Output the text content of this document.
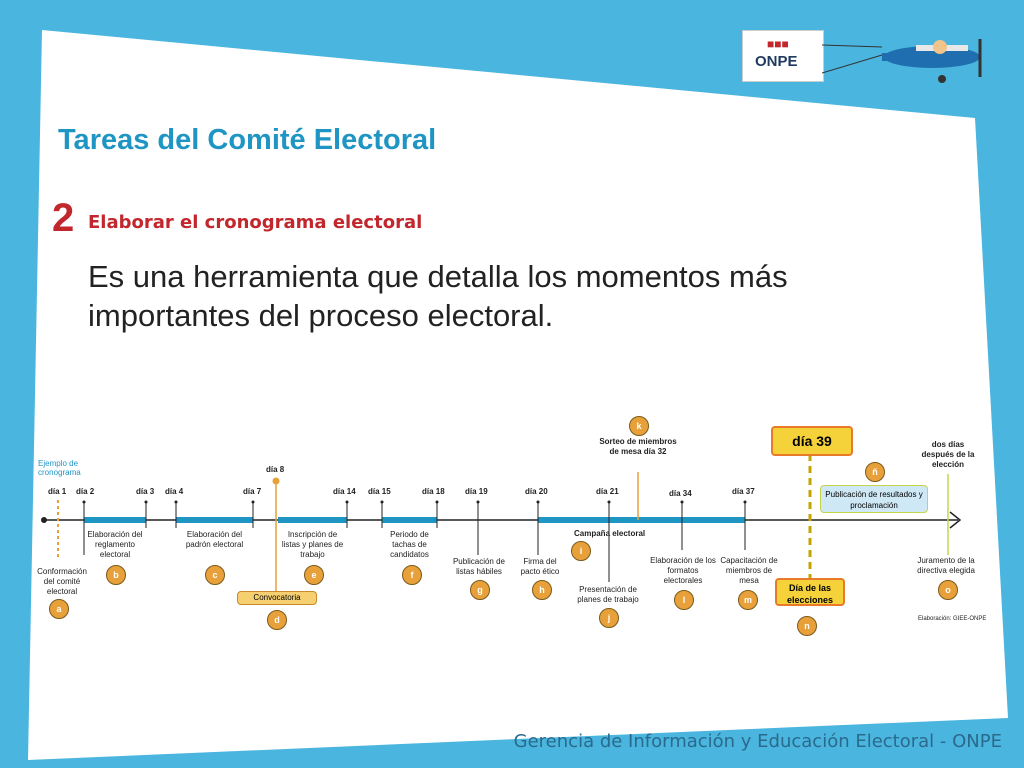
■■■
ONPE
Tareas del Comité Electoral
2 Elaborar el cronograma electoral
Es una herramienta que detalla los momentos más importantes del proceso electoral.
Ejemplo de cronograma
día 1 día 2	día 3 día 4	día 7
día 8
día 14 día 15	día 18	día 19	día 20	día 21	día 34	día 37
dos días después de la elección
día 39
Sorteo de miembros de mesa día 32
k
Conformación del comité electoral
a
Elaboración del reglamento electoral
b
Elaboración del padrón electoral
c
Convocatoria
d
Inscripción de listas y planes de trabajo
e
Periodo de tachas de candidatos
f
Publicación de listas hábiles
g
Firma del pacto ético
h
Campaña electoral
i
Presentación de planes de trabajo
j
Elaboración de los formatos electorales
l
Capacitación de miembros de mesa
m
Día de las elecciones
n
ñ
Publicación de resultados y proclamación
Juramento de la directiva elegida
o
Elaboración: GIEE-ONPE
Gerencia de Información y Educación Electoral - ONPE
